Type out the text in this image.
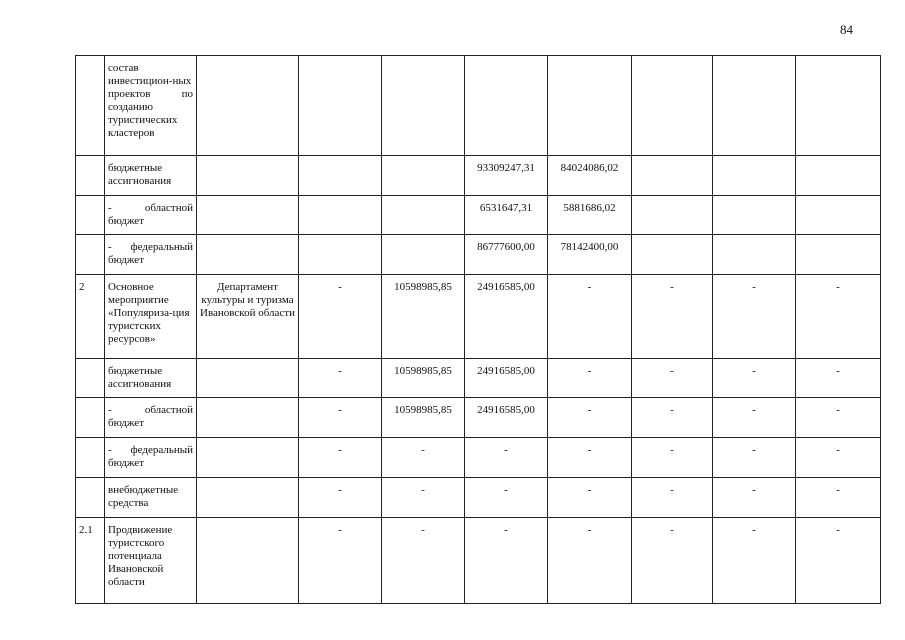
84
	состав инвестицион-ных проектов по созданию туристических кластеров								
	бюджетные ассигнования				93309247,31	84024086,02			
	- областной бюджет				6531647,31	5881686,02			
	- федеральный бюджет				86777600,00	78142400,00			
2	Основное мероприятие «Популяриза-ция туристских ресурсов»	Департамент культуры и туризма Ивановской области	-	10598985,85	24916585,00	-	-	-	-
	бюджетные ассигнования		-	10598985,85	24916585,00	-	-	-	-
	- областной бюджет		-	10598985,85	24916585,00	-	-	-	-
	- федеральный бюджет		-	-	-	-	-	-	-
	внебюджетные средства		-	-	-	-	-	-	-
2.1	Продвижение туристского потенциала Ивановской области		-	-	-	-	-	-	-
